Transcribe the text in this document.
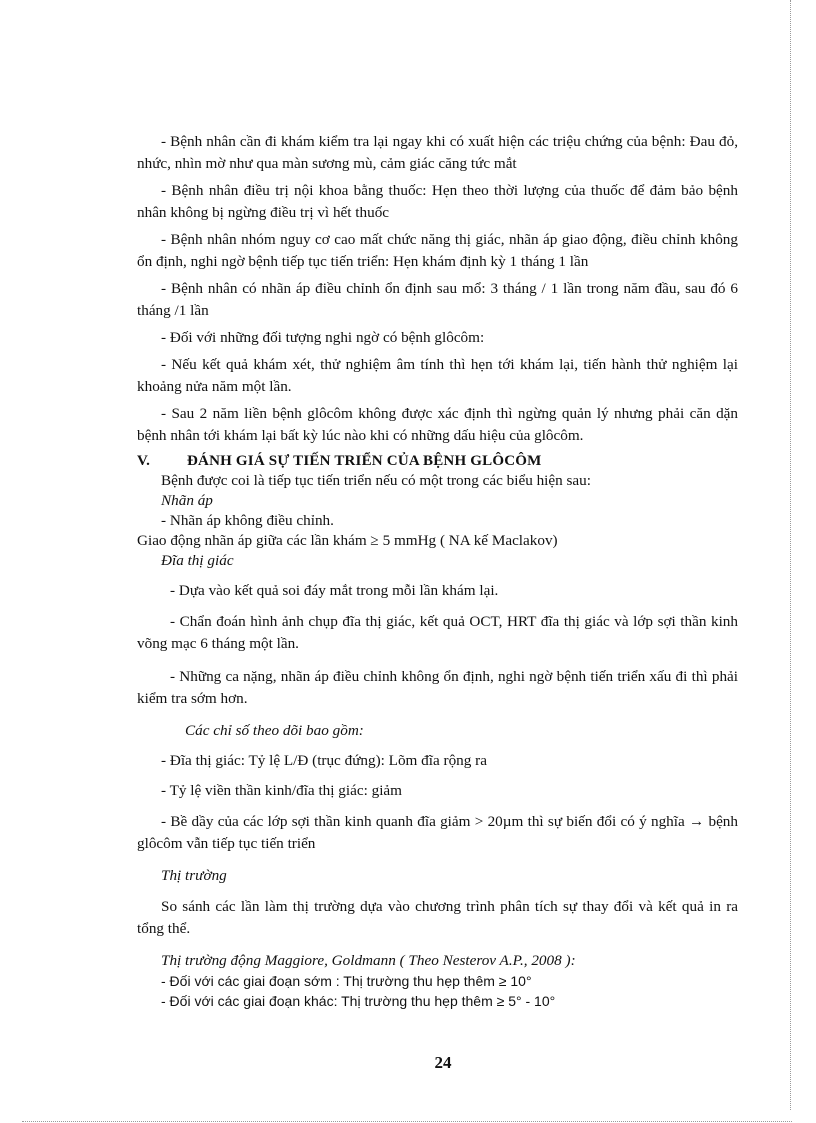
- Bệnh nhân cần đi khám kiểm tra lại ngay khi có xuất hiện các triệu chứng của bệnh: Đau đỏ, nhức, nhìn mờ như qua màn sương mù, cảm giác căng tức mắt

- Bệnh nhân điều trị nội khoa bằng thuốc: Hẹn theo thời lượng của thuốc để đảm bảo bệnh nhân không bị ngừng điều trị vì hết thuốc

- Bệnh nhân nhóm nguy cơ cao mất chức năng thị giác, nhãn áp giao động, điều chỉnh không ổn định, nghi ngờ bệnh tiếp tục tiến triển: Hẹn khám định kỳ 1 tháng 1 lần

- Bệnh nhân có nhãn áp điều chỉnh ổn định sau mổ: 3 tháng / 1 lần trong năm đầu, sau đó 6 tháng /1 lần

- Đối với những đối tượng nghi ngờ có bệnh glôcôm:

- Nếu kết quả khám xét, thử nghiệm âm tính thì hẹn tới khám lại, tiến hành thử nghiệm lại khoảng nửa năm một lần.

- Sau 2 năm liền bệnh glôcôm không được xác định thì ngừng quản lý nhưng phải căn dặn bệnh nhân tới khám lại bất kỳ lúc nào khi có những dấu hiệu của glôcôm.

V. ĐÁNH GIÁ SỰ TIẾN TRIỂN CỦA BỆNH GLÔCÔM

Bệnh được coi là tiếp tục tiến triển nếu có một trong các biểu hiện sau:

Nhãn áp

- Nhãn áp không điều chỉnh.

Giao động nhãn áp giữa các lần khám ≥ 5 mmHg ( NA kế Maclakov)

Đĩa thị giác

- Dựa vào kết quả soi đáy mắt trong mỗi lần khám lại.

- Chẩn đoán hình ảnh chụp đĩa thị giác, kết quả OCT, HRT đĩa thị giác và lớp sợi thần kinh võng mạc 6 tháng một lần.

- Những ca nặng, nhãn áp điều chỉnh không ổn định, nghi ngờ bệnh tiến triển xấu đi thì phải kiểm tra sớm hơn.

Các chỉ số theo dõi bao gồm:

- Đĩa thị giác: Tỷ lệ L/Đ (trục đứng): Lõm đĩa rộng ra

- Tỷ lệ viền thần kinh/đĩa thị giác: giảm

- Bề dầy của các lớp sợi thần kinh quanh đĩa giảm > 20µm thì sự biến đổi có ý nghĩa → bệnh glôcôm vẫn tiếp tục tiến triển

Thị trường

So sánh các lần làm thị trường dựa vào chương trình phân tích sự thay đổi và kết quả in ra tổng thể.

Thị trường động Maggiore, Goldmann ( Theo Nesterov A.P., 2008 ):

- Đối với các giai đoạn sớm : Thị trường thu hẹp thêm ≥ 10°

- Đối với các giai đoạn khác: Thị trường thu hẹp thêm ≥ 5° - 10°

24
